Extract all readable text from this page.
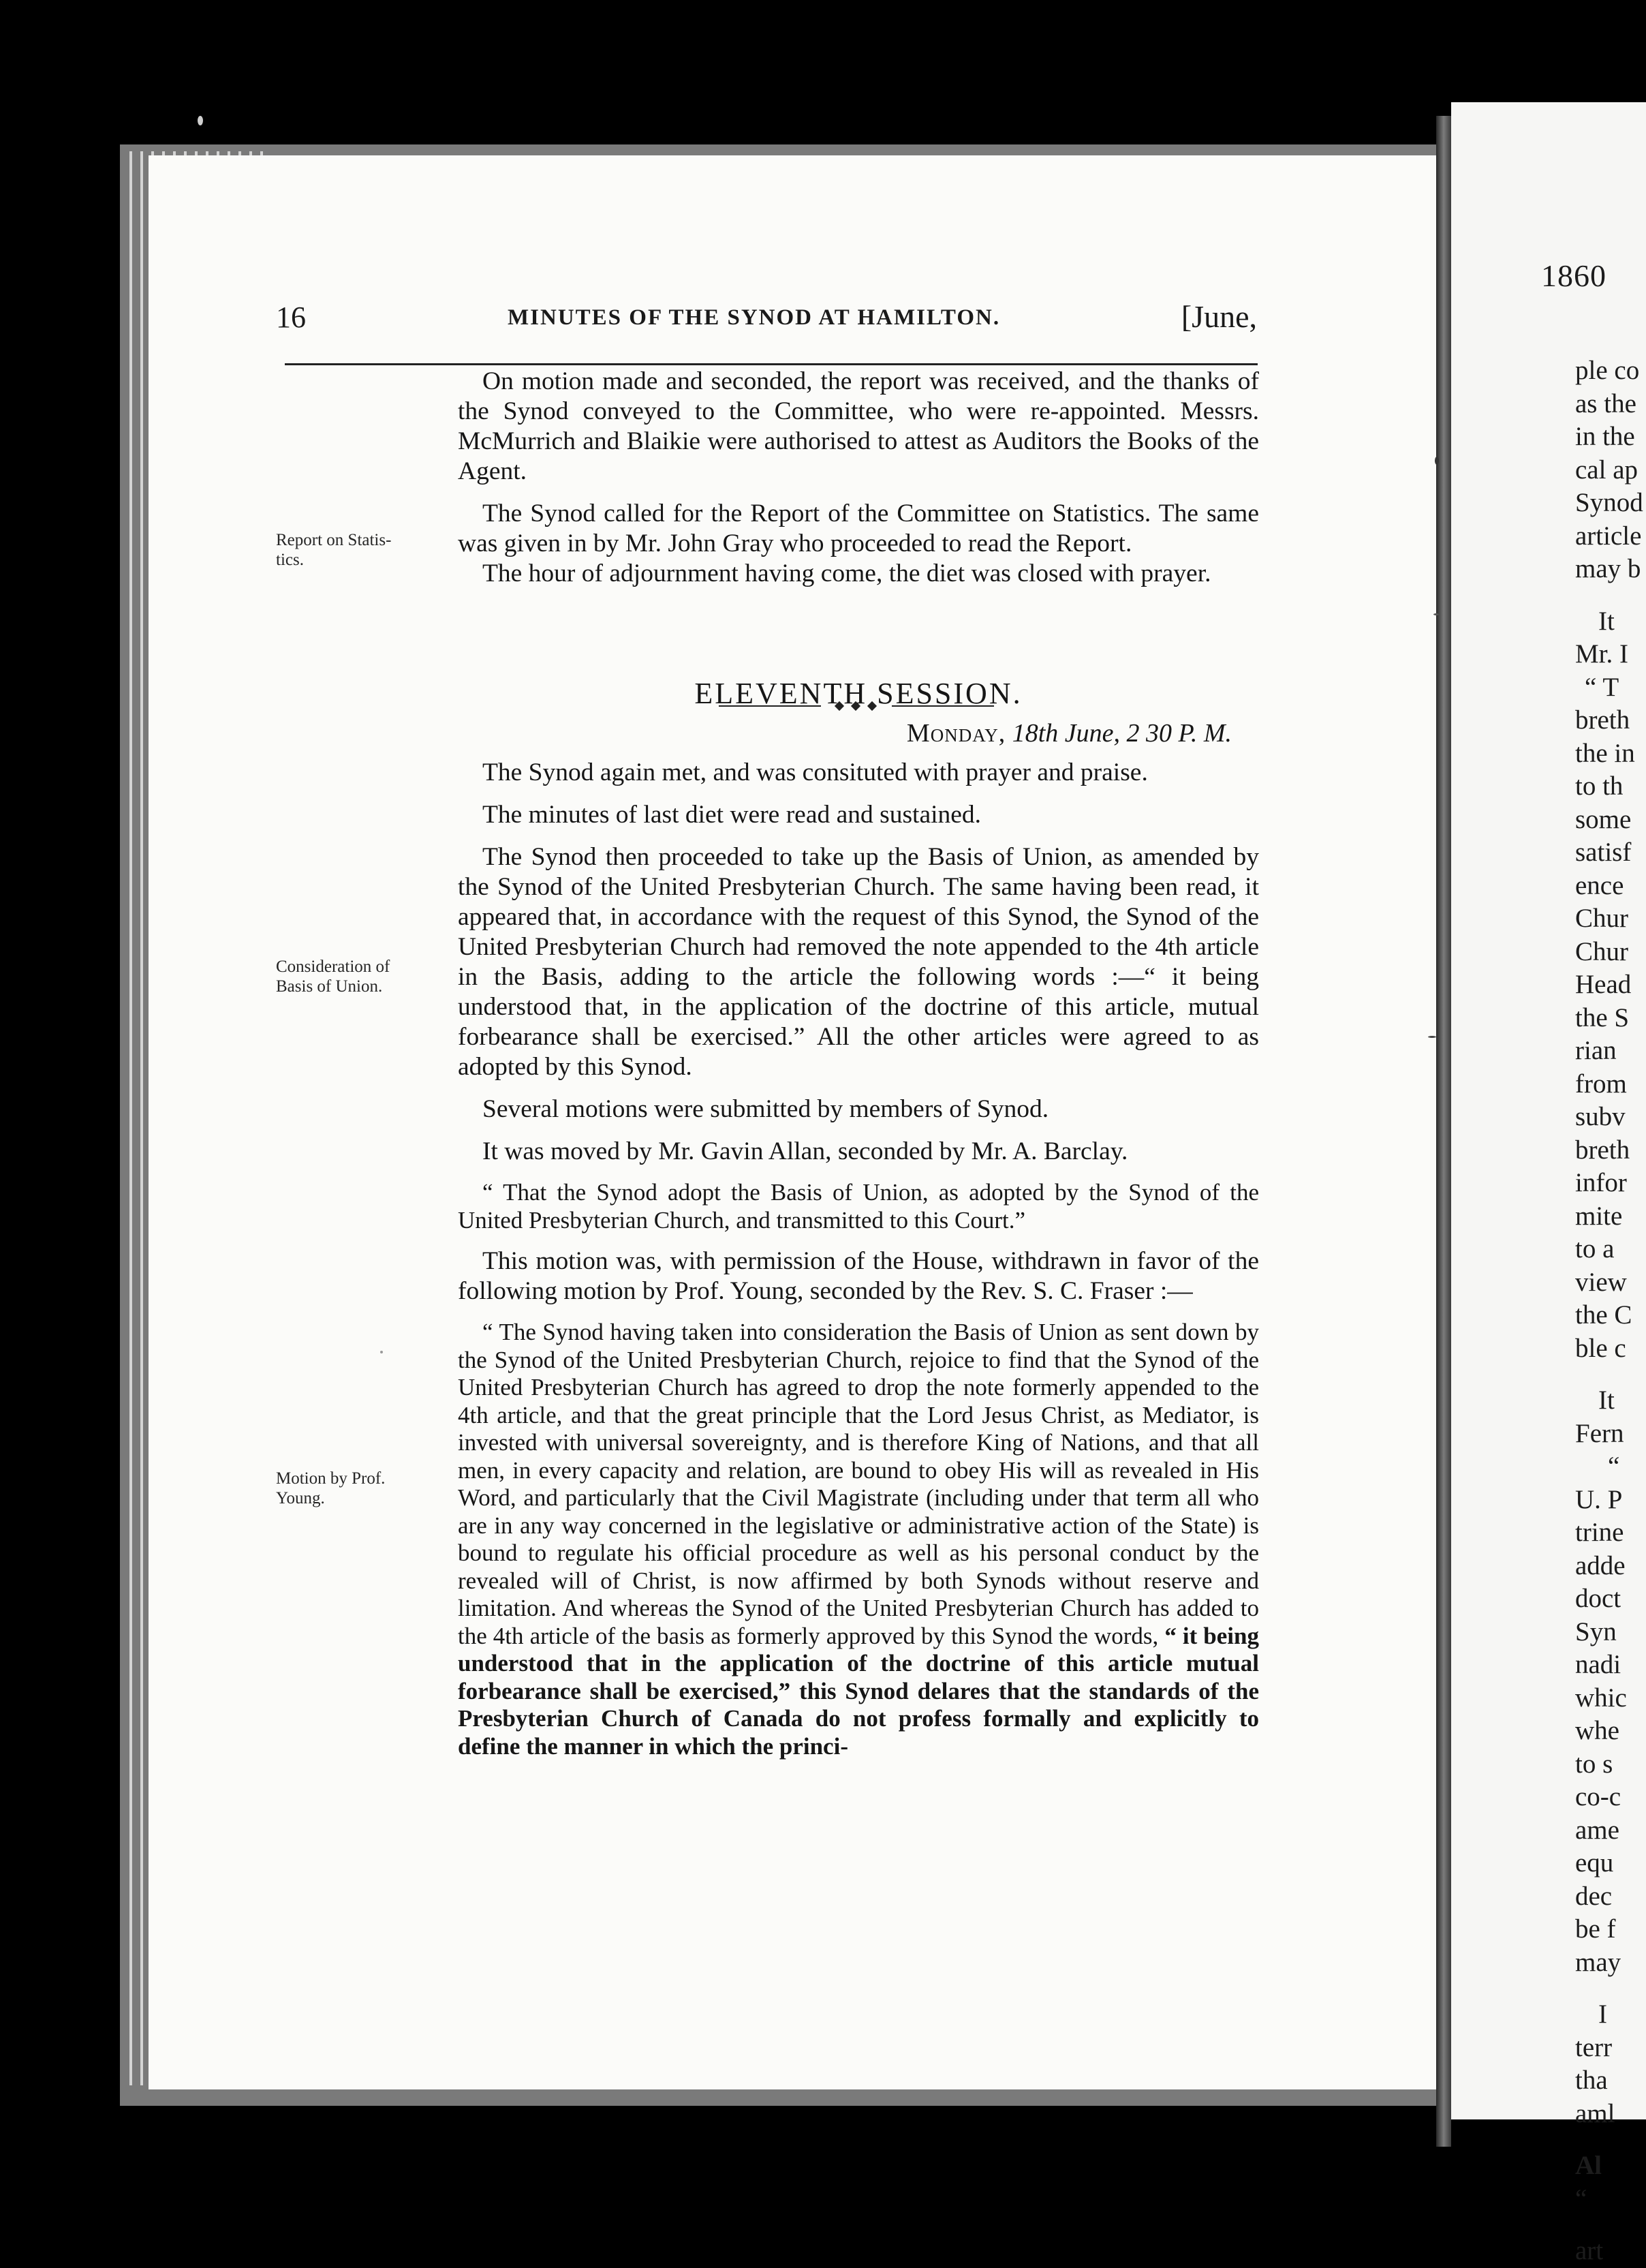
1860
ple co
as the
in the
cal ap
Synod
article
may b
It
Mr. I
“ T
breth
the in
to th
some
satisf
ence
Chur
Chur
Head
the S
rian
from
subv
breth
infor
mite
to a
view
the C
ble c
It
Fern
“
U. P
trine
adde
doct
Syn
nadi
whic
whe
to s
co-c
ame
equ
dec
be f
may
I
terr
tha
aml
Al
“
art
16	MINUTES OF THE SYNOD AT HAMILTON.	[June,
Report on Statis-
tics.
Consideration of
Basis of Union.
Motion by Prof.
Young.

On motion made and seconded, the report was received, and the thanks of the Synod conveyed to the Committee, who were re-appointed. Messrs. McMurrich and Blaikie were authorised to attest as Auditors the Books of the Agent.

The Synod called for the Report of the Committee on Statistics. The same was given in by Mr. John Gray who proceeded to read the Report.

The hour of adjournment having come, the diet was closed with prayer.

ELEVENTH SESSION.

Monday, 18th June, 2 30 P. M.

The Synod again met, and was consituted with prayer and praise.

The minutes of last diet were read and sustained.

The Synod then proceeded to take up the Basis of Union, as amended by the Synod of the United Presbyterian Church. The same having been read, it appeared that, in accordance with the request of this Synod, the Synod of the United Presbyterian Church had removed the note appended to the 4th article in the Basis, adding to the article the following words :—“ it being understood that, in the application of the doctrine of this article, mutual forbearance shall be exercised.” All the other articles were agreed to as adopted by this Synod.

Several motions were submitted by members of Synod.

It was moved by Mr. Gavin Allan, seconded by Mr. A. Barclay.

“ That the Synod adopt the Basis of Union, as adopted by the Synod of the United Presbyterian Church, and transmitted to this Court.”

This motion was, with permission of the House, withdrawn in favor of the following motion by Prof. Young, seconded by the Rev. S. C. Fraser :—

“ The Synod having taken into consideration the Basis of Union as sent down by the Synod of the United Presbyterian Church, rejoice to find that the Synod of the United Presbyterian Church has agreed to drop the note formerly appended to the 4th article, and that the great principle that the Lord Jesus Christ, as Mediator, is invested with universal sovereignty, and is therefore King of Nations, and that all men, in every capacity and relation, are bound to obey His will as revealed in His Word, and particularly that the Civil Magistrate (including under that term all who are in any way concerned in the legislative or administrative action of the State) is bound to regulate his official procedure as well as his personal conduct by the revealed will of Christ, is now affirmed by both Synods without reserve and limitation. And whereas the Synod of the United Presbyterian Church has added to the 4th article of the basis as formerly approved by this Synod the words, “ it being understood that in the application of the doctrine of this article mutual forbearance shall be exercised,” this Synod delares that the standards of the Presbyterian Church of Canada do not profess formally and explicitly to define the manner in which the princi-
